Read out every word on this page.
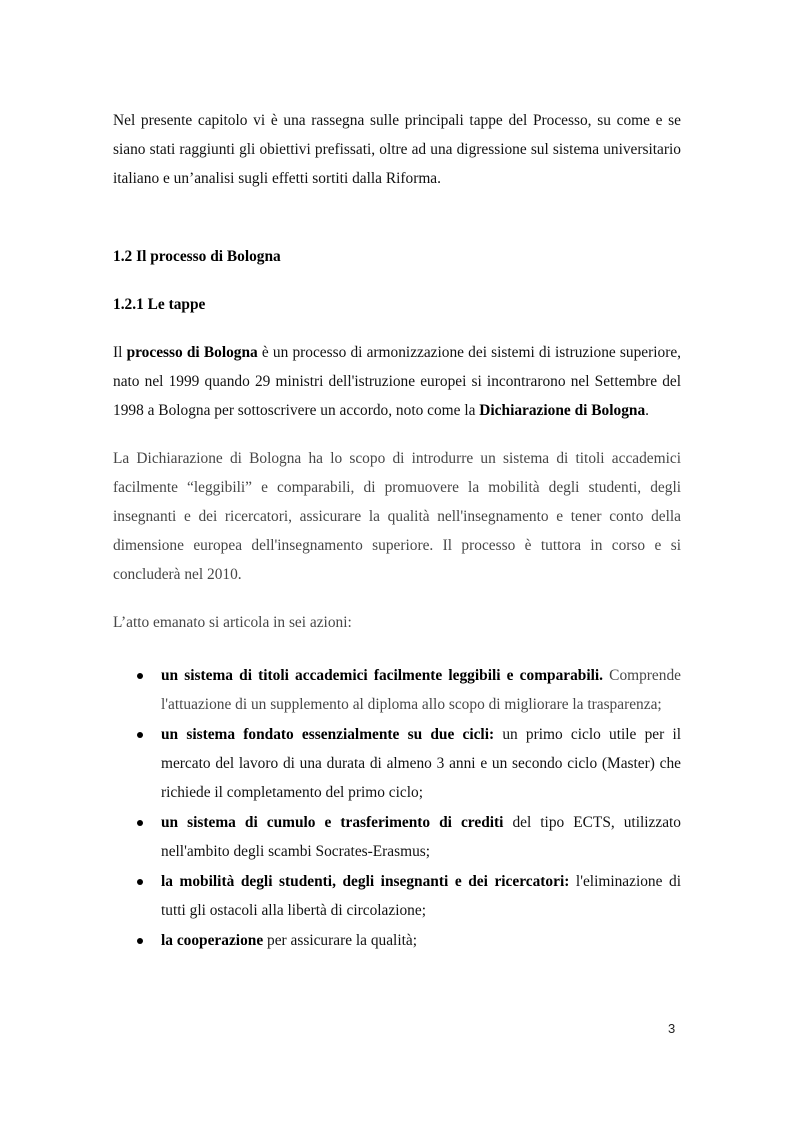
Nel presente capitolo vi è una rassegna sulle principali tappe del Processo, su come e se siano stati raggiunti gli obiettivi prefissati, oltre ad una digressione sul sistema universitario italiano e un’analisi sugli effetti sortiti dalla Riforma.

1.2 Il processo di Bologna
1.2.1 Le tappe

Il processo di Bologna è un processo di armonizzazione dei sistemi di istruzione superiore, nato nel 1999 quando 29 ministri dell'istruzione europei si incontrarono nel Settembre del 1998 a Bologna per sottoscrivere un accordo, noto come la Dichiarazione di Bologna.

La Dichiarazione di Bologna ha lo scopo di introdurre un sistema di titoli accademici facilmente “leggibili” e comparabili, di promuovere la mobilità degli studenti, degli insegnanti e dei ricercatori, assicurare la qualità nell'insegnamento e tener conto della dimensione europea dell'insegnamento superiore. Il processo è tuttora in corso e si concluderà nel 2010.

L’atto emanato si articola in sei azioni:

un sistema di titoli accademici facilmente leggibili e comparabili. Comprende l'attuazione di un supplemento al diploma allo scopo di migliorare la trasparenza;

un sistema fondato essenzialmente su due cicli: un primo ciclo utile per il mercato del lavoro di una durata di almeno 3 anni e un secondo ciclo (Master) che richiede il completamento del primo ciclo;

un sistema di cumulo e trasferimento di crediti del tipo ECTS, utilizzato nell'ambito degli scambi Socrates-Erasmus;

la mobilità degli studenti, degli insegnanti e dei ricercatori: l'eliminazione di tutti gli ostacoli alla libertà di circolazione;

la cooperazione per assicurare la qualità;

3
